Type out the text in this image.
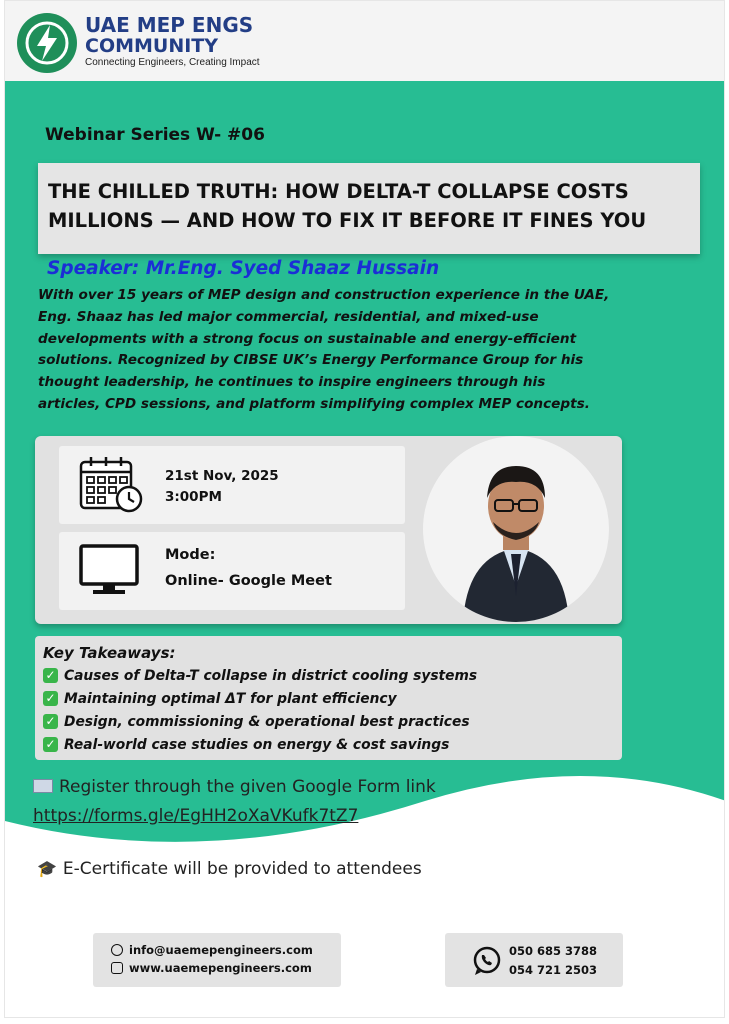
UAE MEP ENGS
COMMUNITY
Connecting Engineers, Creating Impact
Webinar Series W- #06
THE CHILLED TRUTH: HOW DELTA-T COLLAPSE COSTS
MILLIONS — AND HOW TO FIX IT BEFORE IT FINES YOU
Speaker: Mr.Eng. Syed Shaaz Hussain
With over 15 years of MEP design and construction experience in the UAE,
Eng. Shaaz has led major commercial, residential, and mixed-use
developments with a strong focus on sustainable and energy-efficient
solutions. Recognized by CIBSE UK’s Energy Performance Group for his
thought leadership, he continues to inspire engineers through his
articles, CPD sessions, and platform simplifying complex MEP concepts.
21st Nov, 2025
3:00PM
Mode:
Online- Google Meet
Key Takeaways:
✓ Causes of Delta-T collapse in district cooling systems
✓ Maintaining optimal ΔT for plant efficiency
✓ Design, commissioning & operational best practices
✓ Real-world case studies on energy & cost savings
Register through the given Google Form link
https://forms.gle/EgHH2oXaVKufk7tZ7
🎓 E-Certificate will be provided to attendees
info@uaemepengineers.com
www.uaemepengineers.com
050 685 3788
054 721 2503
